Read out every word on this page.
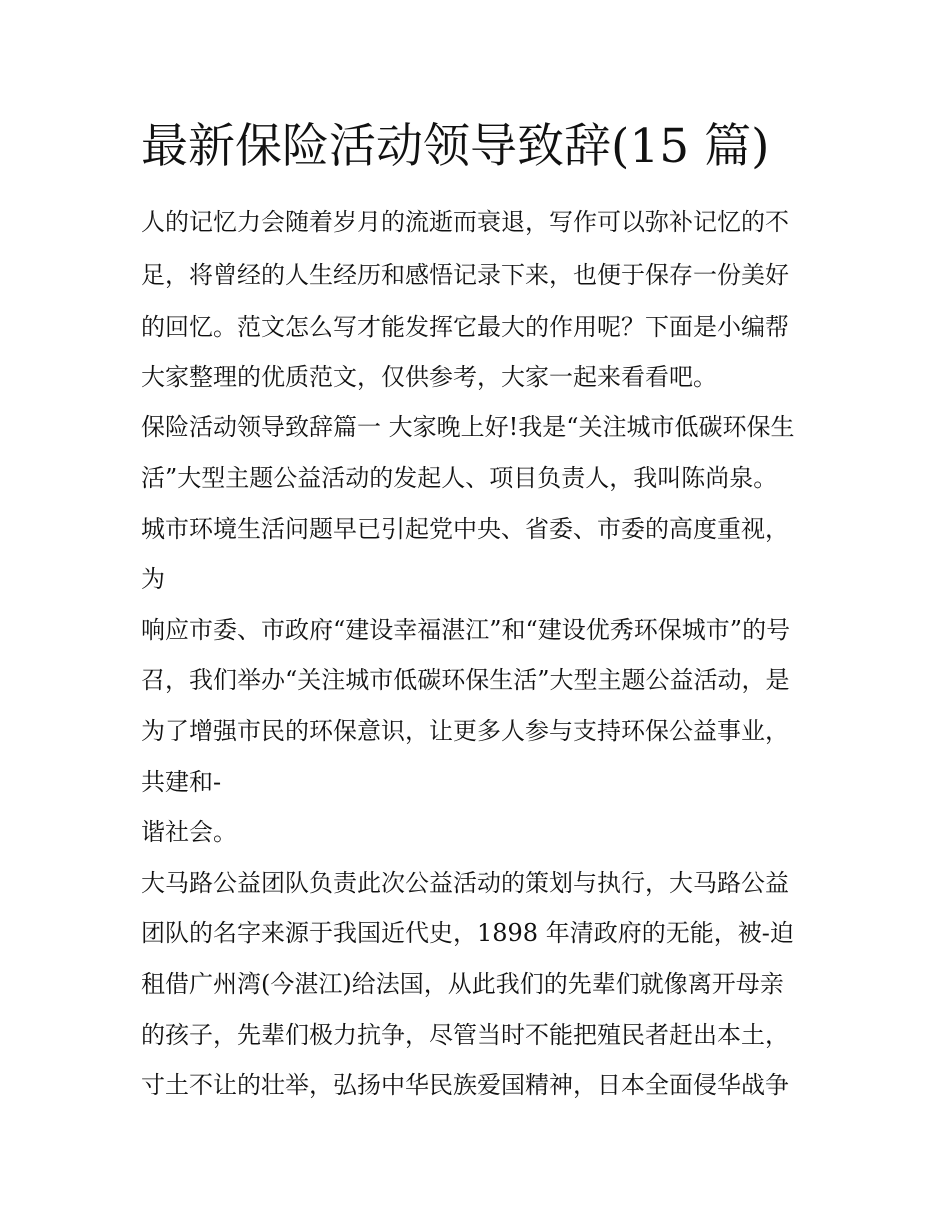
最新保险活动领导致辞(15 篇)

人的记忆力会随着岁月的流逝而衰退，写作可以弥补记忆的不

足，将曾经的人生经历和感悟记录下来，也便于保存一份美好

的回忆。范文怎么写才能发挥它最大的作用呢？下面是小编帮

大家整理的优质范文，仅供参考，大家一起来看看吧。

保险活动领导致辞篇一 大家晚上好!我是“关注城市低碳环保生

活”大型主题公益活动的发起人、项目负责人，我叫陈尚泉。

城市环境生活问题早已引起党中央、省委、市委的高度重视，

为

响应市委、市政府“建设幸福湛江”和“建设优秀环保城市”的号

召，我们举办“关注城市低碳环保生活”大型主题公益活动，是

为了增强市民的环保意识，让更多人参与支持环保公益事业，

共建和-

谐社会。

大马路公益团队负责此次公益活动的策划与执行，大马路公益

团队的名字来源于我国近代史，1898 年清政府的无能，被-迫

租借广州湾(今湛江)给法国，从此我们的先辈们就像离开母亲

的孩子，先辈们极力抗争，尽管当时不能把殖民者赶出本土，

寸土不让的壮举，弘扬中华民族爱国精神，日本全面侵华战争
